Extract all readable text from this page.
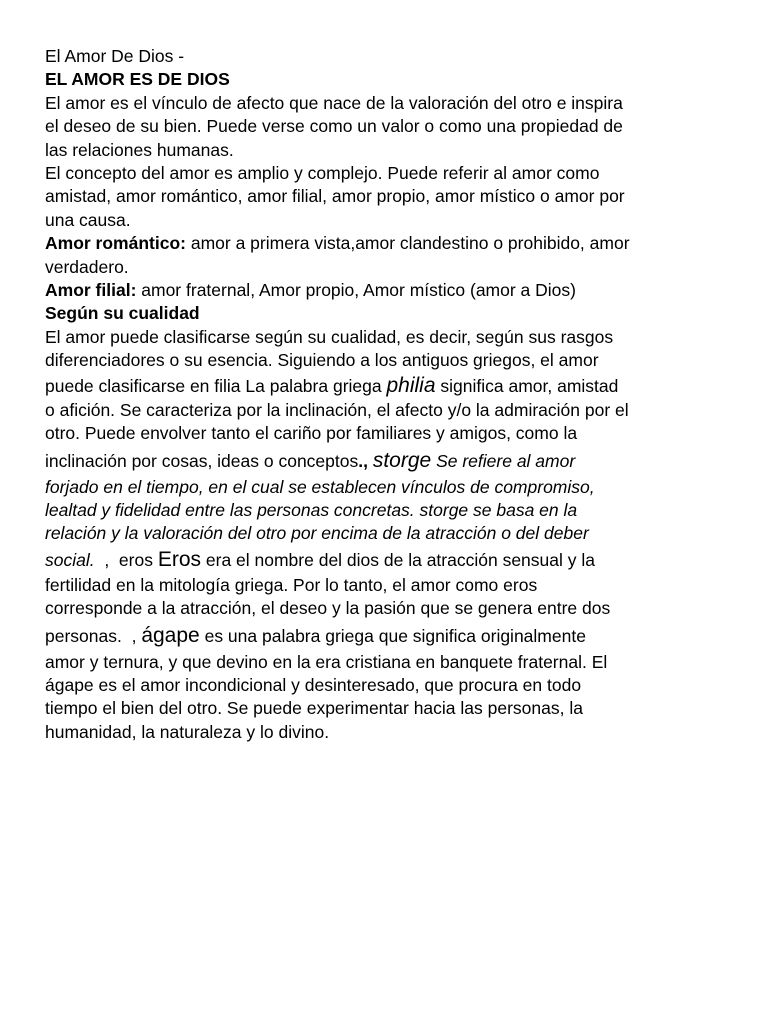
El Amor De Dios -

EL AMOR ES DE DIOS

El amor es el vínculo de afecto que nace de la valoración del otro e inspira

el deseo de su bien. Puede verse como un valor o como una propiedad de

las relaciones humanas.

El concepto del amor es amplio y complejo. Puede referir al amor como

amistad, amor romántico, amor filial, amor propio, amor místico o amor por

una causa.

Amor romántico: amor a primera vista,amor clandestino o prohibido, amor

verdadero.

Amor filial: amor fraternal, Amor propio, Amor místico (amor a Dios)

Según su cualidad

El amor puede clasificarse según su cualidad, es decir, según sus rasgos

diferenciadores o su esencia. Siguiendo a los antiguos griegos, el amor

puede clasificarse en filia La palabra griega philia significa amor, amistad

o afición. Se caracteriza por la inclinación, el afecto y/o la admiración por el

otro. Puede envolver tanto el cariño por familiares y amigos, como la

inclinación por cosas, ideas o conceptos., storge Se refiere al amor

forjado en el tiempo, en el cual se establecen vínculos de compromiso,

lealtad y fidelidad entre las personas concretas. storge se basa en la

relación y la valoración del otro por encima de la atracción o del deber

social.  ,  eros Eros era el nombre del dios de la atracción sensual y la

fertilidad en la mitología griega. Por lo tanto, el amor como eros

corresponde a la atracción, el deseo y la pasión que se genera entre dos

personas.  , ágape es una palabra griega que significa originalmente

amor y ternura, y que devino en la era cristiana en banquete fraternal. El

ágape es el amor incondicional y desinteresado, que procura en todo

tiempo el bien del otro. Se puede experimentar hacia las personas, la

humanidad, la naturaleza y lo divino.
